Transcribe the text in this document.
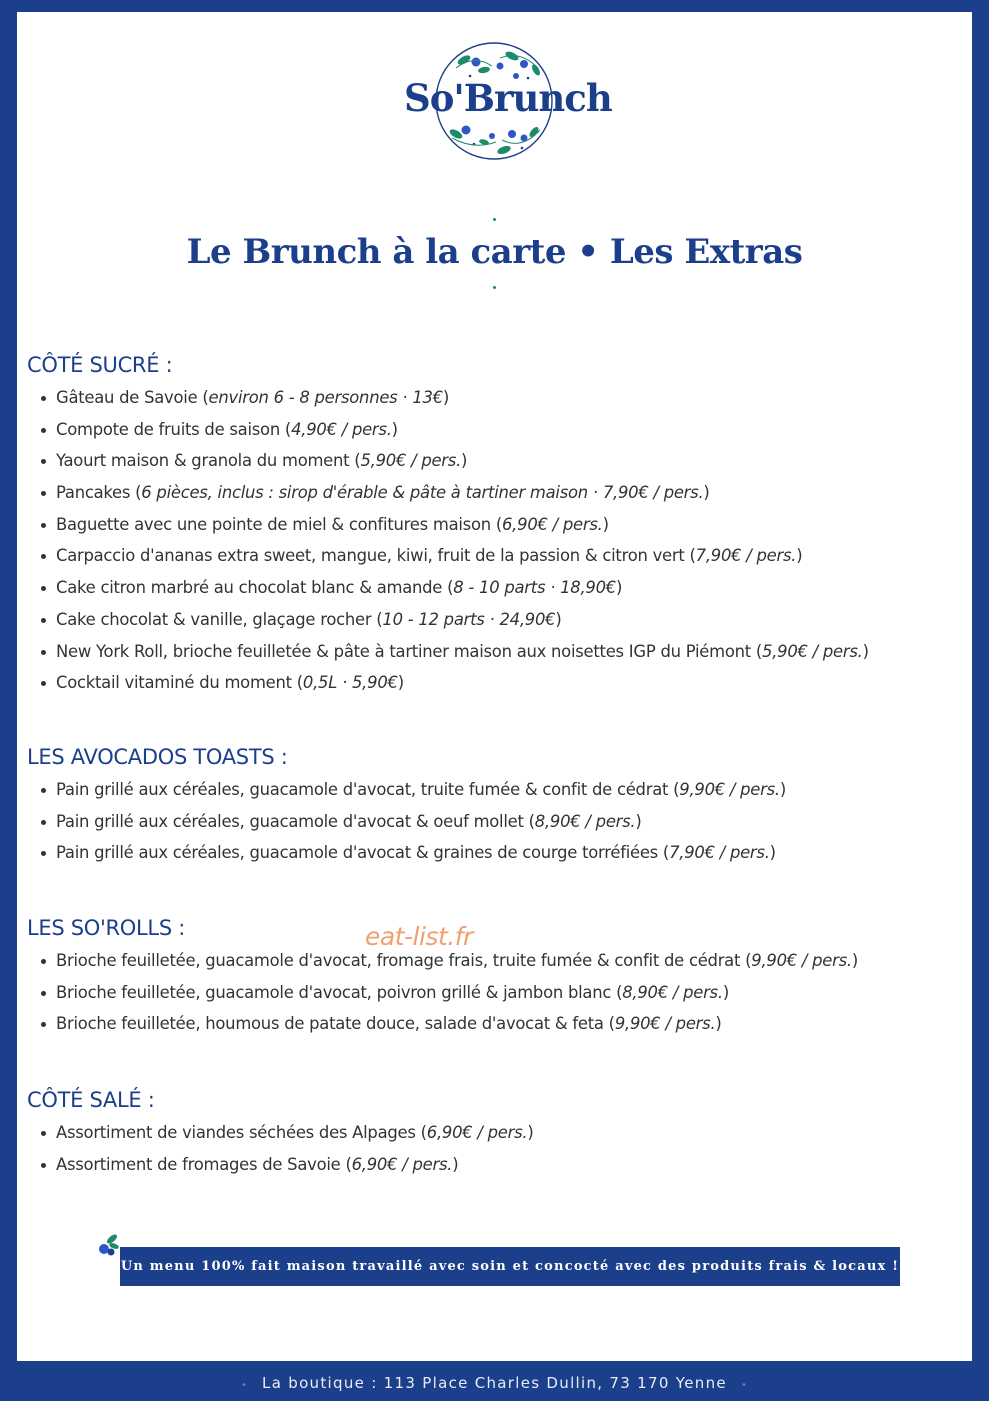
So'Brunch
Le Brunch à la carte • Les Extras
CÔTÉ SUCRÉ :
Gâteau de Savoie (environ 6 - 8 personnes · 13€)
Compote de fruits de saison (4,90€ / pers.)
Yaourt maison & granola du moment (5,90€ / pers.)
Pancakes (6 pièces, inclus : sirop d'érable & pâte à tartiner maison · 7,90€ / pers.)
Baguette avec une pointe de miel & confitures maison (6,90€ / pers.)
Carpaccio d'ananas extra sweet, mangue, kiwi, fruit de la passion & citron vert (7,90€ / pers.)
Cake citron marbré au chocolat blanc & amande (8 - 10 parts · 18,90€)
Cake chocolat & vanille, glaçage rocher (10 - 12 parts · 24,90€)
New York Roll, brioche feuilletée & pâte à tartiner maison aux noisettes IGP du Piémont (5,90€ / pers.)
Cocktail vitaminé du moment (0,5L · 5,90€)
LES AVOCADOS TOASTS :
Pain grillé aux céréales, guacamole d'avocat, truite fumée & confit de cédrat (9,90€ / pers.)
Pain grillé aux céréales, guacamole d'avocat & oeuf mollet (8,90€ / pers.)
Pain grillé aux céréales, guacamole d'avocat & graines de courge torréfiées (7,90€ / pers.)
LES SO'ROLLS :
Brioche feuilletée, guacamole d'avocat, fromage frais, truite fumée & confit de cédrat (9,90€ / pers.)
Brioche feuilletée, guacamole d'avocat, poivron grillé & jambon blanc (8,90€ / pers.)
Brioche feuilletée, houmous de patate douce, salade d'avocat & feta (9,90€ / pers.)
eat-list.fr
CÔTÉ SALÉ :
Assortiment de viandes séchées des Alpages (6,90€ / pers.)
Assortiment de fromages de Savoie (6,90€ / pers.)
Un menu 100% fait maison travaillé avec soin et concocté avec des produits frais & locaux !
• La boutique : 113 Place Charles Dullin, 73 170 Yenne •
